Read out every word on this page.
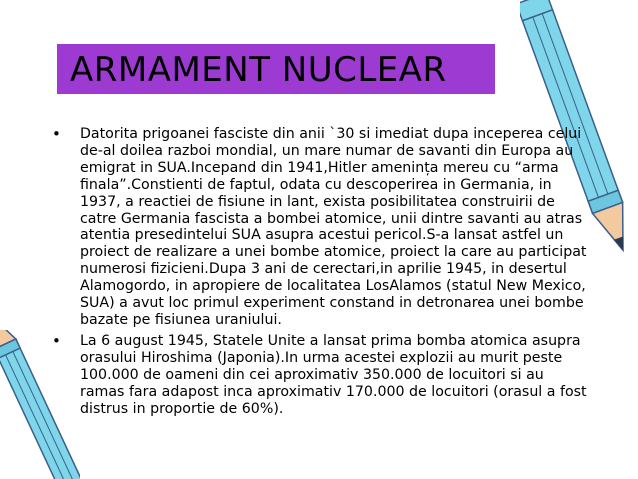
ARMAMENT NUCLEAR
• Datorita prigoanei fasciste din anii `30 si imediat dupa inceperea celui de-al doilea razboi mondial, un mare numar de savanti din Europa au emigrat in SUA.Incepand din 1941,Hitler amenința mereu cu “arma finala”.Constienti de faptul, odata cu descoperirea in Germania, in 1937, a reactiei de fisiune in lant, exista posibilitatea construirii de catre Germania fascista a bombei atomice, unii dintre savanti au atras atentia presedintelui SUA asupra acestui pericol.S-a lansat astfel un proiect de realizare a unei bombe atomice, proiect la care au participat numerosi fizicieni.Dupa 3 ani de cerectari,in aprilie 1945, in desertul Alamogordo, in apropiere de localitatea LosAlamos (statul New Mexico, SUA) a avut loc primul experiment constand in detronarea unei bombe bazate pe fisiunea uraniului.

• La 6 august 1945, Statele Unite a lansat prima bomba atomica asupra orasului Hiroshima (Japonia).In urma acestei explozii au murit peste 100.000 de oameni din cei aproximativ 350.000 de locuitori si au ramas fara adapost inca aproximativ 170.000 de locuitori (orasul a fost distrus in proportie de 60%).
